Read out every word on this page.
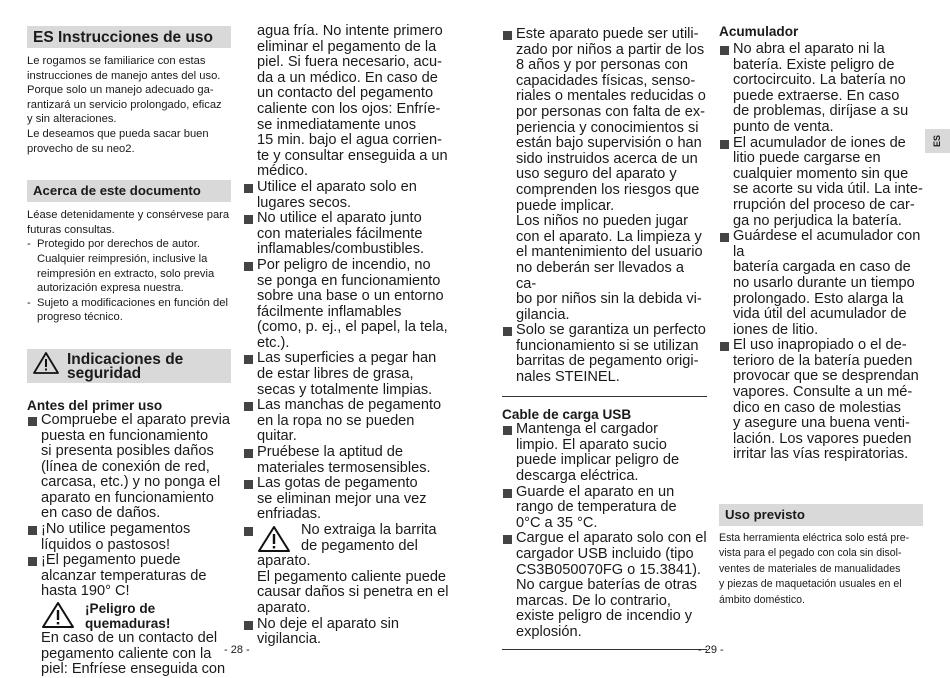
ES Instrucciones de uso
Le rogamos se familiarice con estas
instrucciones de manejo antes del uso.
Porque solo un manejo adecuado ga-
rantizará un servicio prolongado, eficaz
y sin alteraciones.
Le deseamos que pueda sacar buen
provecho de su neo2.
Acerca de este documento
Léase detenidamente y consérvese para
futuras consultas.
- Protegido por derechos de autor.
Cualquier reimpresión, inclusive la
reimpresión en extracto, solo previa
autorización expresa nuestra.
- Sujeto a modificaciones en función del
progreso técnico.
Indicaciones de
seguridad
Antes del primer uso
Compruebe el aparato previa
puesta en funcionamiento
si presenta posibles daños
(línea de conexión de red,
carcasa, etc.) y no ponga el
aparato en funcionamiento
en caso de daños.
¡No utilice pegamentos
líquidos o pastosos!
¡El pegamento puede
alcanzar temperaturas de
hasta 190° C!
¡Peligro de
quemaduras!
En caso de un contacto del
pegamento caliente con la
piel: Enfríese enseguida con
agua fría. No intente primero
eliminar el pegamento de la
piel. Si fuera necesario, acu-
da a un médico. En caso de
un contacto del pegamento
caliente con los ojos: Enfríe-
se inmediatamente unos
15 min. bajo el agua corrien-
te y consultar enseguida a un
médico.
Utilice el aparato solo en
lugares secos.
No utilice el aparato junto
con materiales fácilmente
inflamables/combustibles.
Por peligro de incendio, no
se ponga en funcionamiento
sobre una base o un entorno
fácilmente inflamables
(como, p. ej., el papel, la tela,
etc.).
Las superficies a pegar han
de estar libres de grasa,
secas y totalmente limpias.
Las manchas de pegamento
en la ropa no se pueden
quitar.
Pruébese la aptitud de
materiales termosensibles.
Las gotas de pegamento
se eliminan mejor una vez
enfriadas.
No extraiga la barrita
de pegamento del
aparato.
El pegamento caliente puede
causar daños si penetra en el
aparato.
No deje el aparato sin
vigilancia.
- 28 -
Este aparato puede ser utili-
zado por niños a partir de los
8 años y por personas con
capacidades físicas, senso-
riales o mentales reducidas o
por personas con falta de ex-
periencia y conocimientos si
están bajo supervisión o han
sido instruidos acerca de un
uso seguro del aparato y
comprenden los riesgos que
puede implicar.
Los niños no pueden jugar
con el aparato. La limpieza y
el mantenimiento del usuario
no deberán ser llevados a ca-
bo por niños sin la debida vi-
gilancia.
Solo se garantiza un perfecto
funcionamiento si se utilizan
barritas de pegamento origi-
nales STEINEL.
Cable de carga USB
Mantenga el cargador
limpio. El aparato sucio
puede implicar peligro de
descarga eléctrica.
Guarde el aparato en un
rango de temperatura de
0°C a 35 °C.
Cargue el aparato solo con el
cargador USB incluido (tipo
CS3B050070FG o 15.3841).
No cargue baterías de otras
marcas. De lo contrario,
existe peligro de incendio y
explosión.
Acumulador
No abra el aparato ni la
batería. Existe peligro de
cortocircuito. La batería no
puede extraerse. En caso
de problemas, diríjase a su
punto de venta.
El acumulador de iones de
litio puede cargarse en
cualquier momento sin que
se acorte su vida útil. La inte-
rrupción del proceso de car-
ga no perjudica la batería.
Guárdese el acumulador con la
batería cargada en caso de
no usarlo durante un tiempo
prolongado. Esto alarga la
vida útil del acumulador de
iones de litio.
El uso inapropiado o el de-
terioro de la batería pueden
provocar que se desprendan
vapores. Consulte a un mé-
dico en caso de molestias
y asegure una buena venti-
lación. Los vapores pueden
irritar las vías respiratorias.
Uso previsto
Esta herramienta eléctrica solo está pre-
vista para el pegado con cola sin disol-
ventes de materiales de manualidades
y piezas de maquetación usuales en el
ámbito doméstico.
ES
- 29 -
